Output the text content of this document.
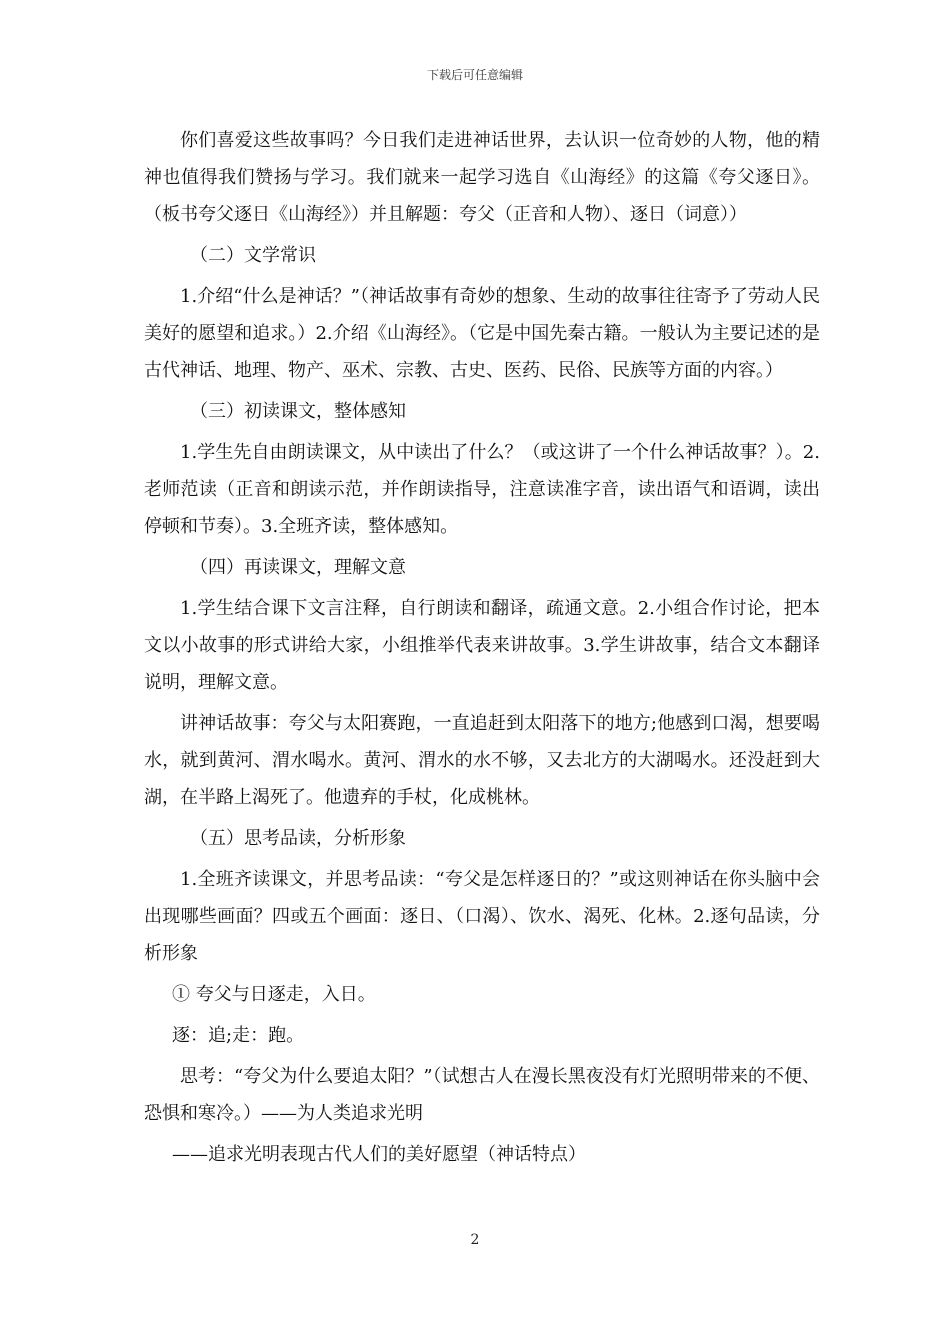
下载后可任意编辑

你们喜爱这些故事吗？今日我们走进神话世界，去认识一位奇妙的人物，他的精神也值得我们赞扬与学习。我们就来一起学习选自《山海经》的这篇《夸父逐日》。（板书夸父逐日《山海经》）并且解题：夸父（正音和人物）、逐日（词意））

（二）文学常识

1.介绍“什么是神话？”（神话故事有奇妙的想象、生动的故事往往寄予了劳动人民美好的愿望和追求。）2.介绍《山海经》。（它是中国先秦古籍。一般认为主要记述的是古代神话、地理、物产、巫术、宗教、古史、医药、民俗、民族等方面的内容。）

（三）初读课文，整体感知

1.学生先自由朗读课文，从中读出了什么？（或这讲了一个什么神话故事？）。2.老师范读（正音和朗读示范，并作朗读指导，注意读准字音，读出语气和语调，读出停顿和节奏）。3.全班齐读，整体感知。

（四）再读课文，理解文意

1.学生结合课下文言注释，自行朗读和翻译，疏通文意。2.小组合作讨论，把本文以小故事的形式讲给大家，小组推举代表来讲故事。3.学生讲故事，结合文本翻译说明，理解文意。

讲神话故事：夸父与太阳赛跑，一直追赶到太阳落下的地方;他感到口渴，想要喝水，就到黄河、渭水喝水。黄河、渭水的水不够，又去北方的大湖喝水。还没赶到大湖，在半路上渴死了。他遗弃的手杖，化成桃林。

（五）思考品读，分析形象

1.全班齐读课文，并思考品读：“夸父是怎样逐日的？”或这则神话在你头脑中会出现哪些画面？四或五个画面：逐日、（口渴）、饮水、渴死、化林。2.逐句品读，分析形象

① 夸父与日逐走，入日。
逐：追;走：跑。

思考：“夸父为什么要追太阳？”（试想古人在漫长黑夜没有灯光照明带来的不便、恐惧和寒冷。）——为人类追求光明

——追求光明表现古代人们的美好愿望（神话特点）
2
